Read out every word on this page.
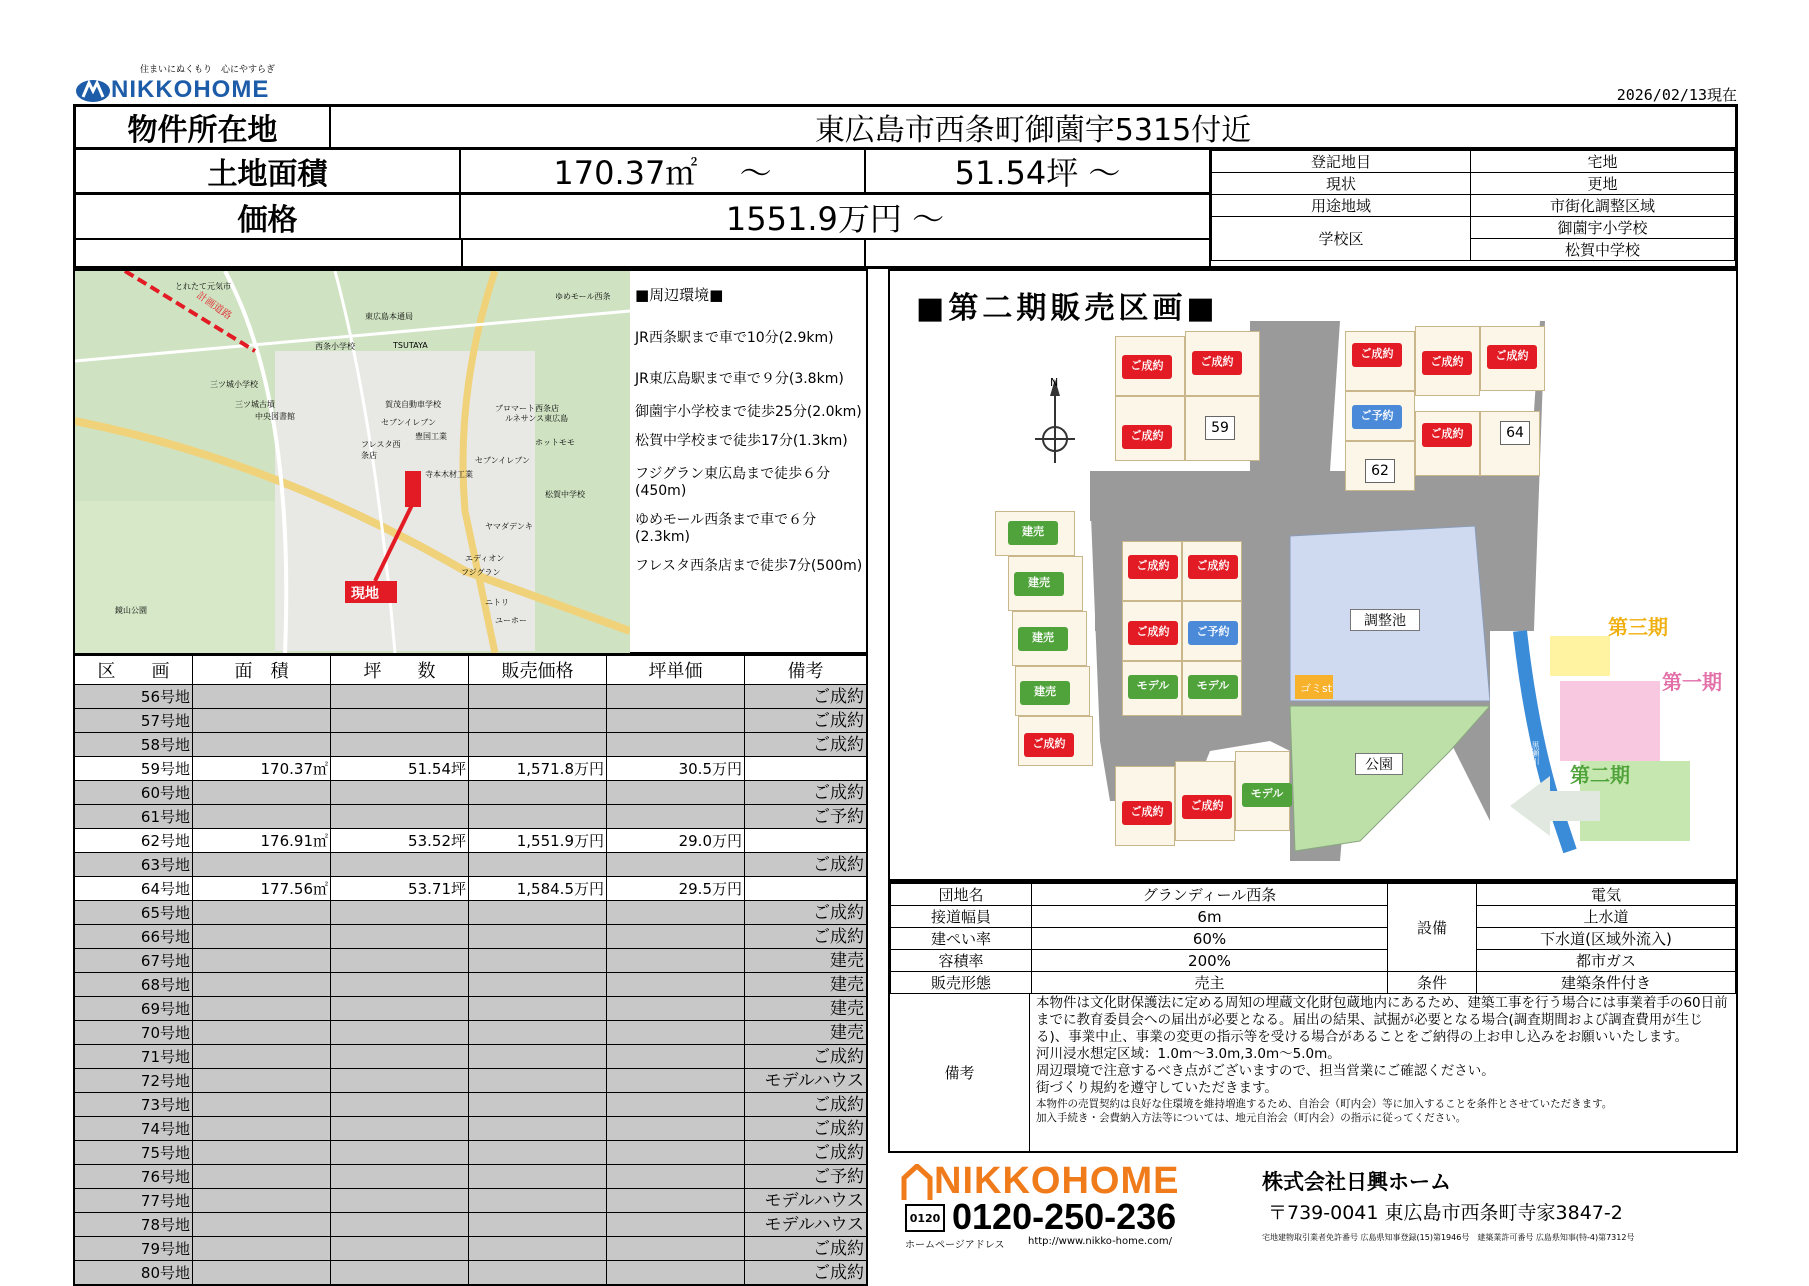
住まいにぬくもり　心にやすらぎ
NIKKOHOME	2026/02/13現在
物件所在地	東広島市西条町御薗宇5315付近
土地面積	170.37㎡　 ～	51.54坪 ～
価格	1551.9万円 ～
登記地目	宅地
現状	更地
用途地域	市街化調整区域
学校区	御薗宇小学校
	松賀中学校
現地
計画道路
とれたて元気市
東広島本通局
ゆめモール西条
西条小学校	TSUTAYA
三ツ城小学校
三ツ城古墳
中央図書館
賀茂自動車学校
セブンイレブン
フレスタ西条店
豊国工業
ブロマート西条店
ルネサンス東広島
ホットモモ
寺本木材工業
セブンイレブン
松賀中学校
ヤマダデンキ
エディオン
フジグラン
ニトリ
ユーホー
鏡山公園

■周辺環境■

JR西条駅まで車で10分(2.9km)

JR東広島駅まで車で９分(3.8km)

御薗宇小学校まで徒歩25分(2.0km)

松賀中学校まで徒歩17分(1.3km)

フジグラン東広島まで徒歩６分(450m)

ゆめモール西条まで車で６分(2.3km)

フレスタ西条店まで徒歩7分(500m)

区　　画	面　積	坪　　数	販売価格	坪単価	備考
56号地					ご成約
57号地					ご成約
58号地					ご成約
59号地	170.37㎡	51.54坪	1,571.8万円	30.5万円	
60号地					ご成約
61号地					ご予約
62号地	176.91㎡	53.52坪	1,551.9万円	29.0万円	
63号地					ご成約
64号地	177.56㎡	53.71坪	1,584.5万円	29.5万円	
65号地					ご成約
66号地					ご成約
67号地					建売
68号地					建売
69号地					建売
70号地					建売
71号地					ご成約
72号地					モデルハウス
73号地					ご成約
74号地					ご成約
75号地					ご成約
76号地					ご予約
77号地					モデルハウス
78号地					モデルハウス
79号地					ご成約
80号地					ご成約
■第二期販売区画■
ご成約	ご成約
ご成約	59
ご成約
ご成約	ご成約
ご予約
62
ご成約	64
建売
建売
建売
建売
ご成約
ご成約	ご成約
ご成約	ご予約
モデル	モデル
ご成約	ご成約
モデル
N
調整池
公園
ゴミst
第三期
第一期
第二期
黒瀬川
団地名	グランディール西条	設備	電気
接道幅員	6m		上水道
建ぺい率	60%		下水道(区域外流入)
容積率	200%		都市ガス
販売形態	売主	条件	建築条件付き
備考
本物件は文化財保護法に定める周知の埋蔵文化財包蔵地内にあるため、建築工事を行う場合には事業着手の60日前までに教育委員会への届出が必要となる。届出の結果、試掘が必要となる場合(調査期間および調査費用が生じる)、事業中止、事業の変更の指示等を受ける場合があることをご納得の上お申し込みをお願いいたします。
河川浸水想定区域：1.0m～3.0m,3.0m～5.0m。
周辺環境で注意するべき点がございますので、担当営業にご確認ください。
街づくり規約を遵守していただきます。
本物件の売買契約は良好な住環境を維持増進するため、自治会（町内会）等に加入することを条件とさせていただきます。
加入手続き・会費納入方法等については、地元自治会（町内会）の指示に従ってください。
NIKKOHOME
0120 0120-250-236
ホームページアドレス http://www.nikko-home.com/
株式会社日興ホーム
〒739-0041 東広島市西条町寺家3847-2
宅地建物取引業者免許番号 広島県知事登録(15)第1946号　建築業許可番号 広島県知事(特-4)第7312号
